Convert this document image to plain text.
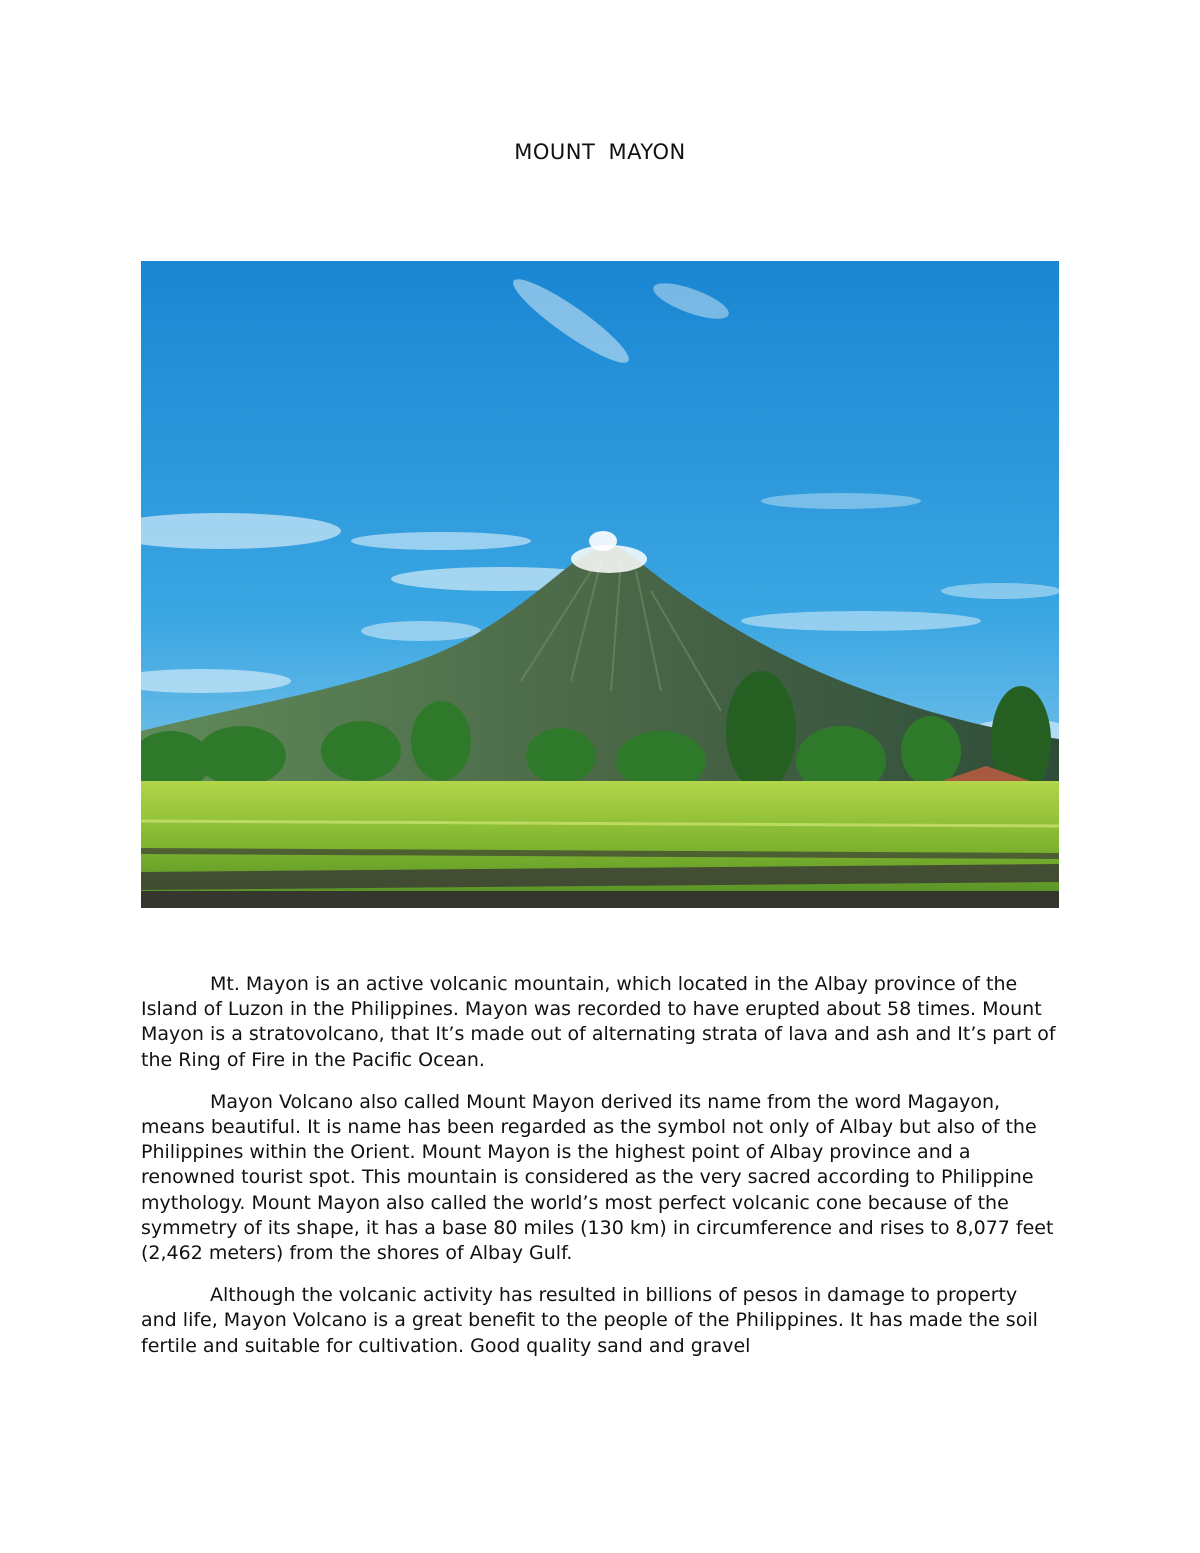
MOUNT MAYON

Mt. Mayon is an active volcanic mountain, which located in the Albay province of the Island of Luzon in the Philippines. Mayon was recorded to have erupted about 58 times. Mount Mayon is a stratovolcano, that It’s made out of alternating strata of lava and ash and It’s part of the Ring of Fire in the Pacific Ocean.

Mayon Volcano also called Mount Mayon derived its name from the word Magayon, means beautiful. It is name has been regarded as the symbol not only of Albay but also of the Philippines within the Orient. Mount Mayon is the highest point of Albay province and a renowned tourist spot. This mountain is considered as the very sacred according to Philippine mythology. Mount Mayon also called the world’s most perfect volcanic cone because of the symmetry of its shape, it has a base 80 miles (130 km) in circumference and rises to 8,077 feet (2,462 meters) from the shores of Albay Gulf.

Although the volcanic activity has resulted in billions of pesos in damage to property and life, Mayon Volcano is a great benefit to the people of the Philippines. It has made the soil fertile and suitable for cultivation. Good quality sand and gravel
